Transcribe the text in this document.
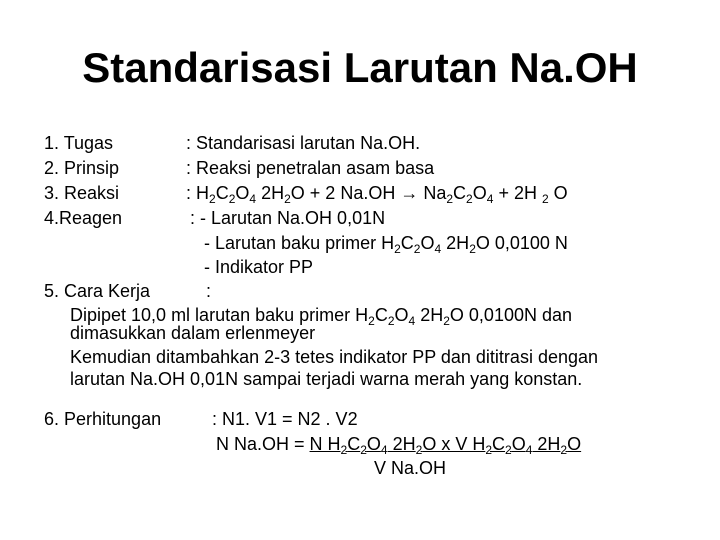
Standarisasi Larutan Na.OH
1. Tugas	: Standarisasi larutan Na.OH.
2. Prinsip	: Reaksi penetralan asam basa
3. Reaksi	: $H_2C_2O_4$ $2H_2O + 2$ $Na.OH \to Na_2C_2O_4 + 2H$ $_2$ O
4.Reagen	: - Larutan Na.OH 0,01N
- Larutan baku primer $H_2C_2O_4$ $2H_2O$ 0,0100 N
- Indikator PP
5. Cara Kerja	:
Dipipet 10,0 ml larutan baku primer $H_2C_2O_4$ $2H_2O$ 0,0100N dan
dimasukkan dalam erlenmeyer
Kemudian ditambahkan 2-3 tetes indikator PP dan dititrasi dengan
larutan Na.OH 0,01N sampai terjadi warna merah yang konstan.
6. Perhitungan	: N1. V1 = N2 . V2
N Na.OH = N $H_2C_2O_4$ $2H_2O$ x V $H_2C_2O_4$ $2H_2O$
V Na.OH
